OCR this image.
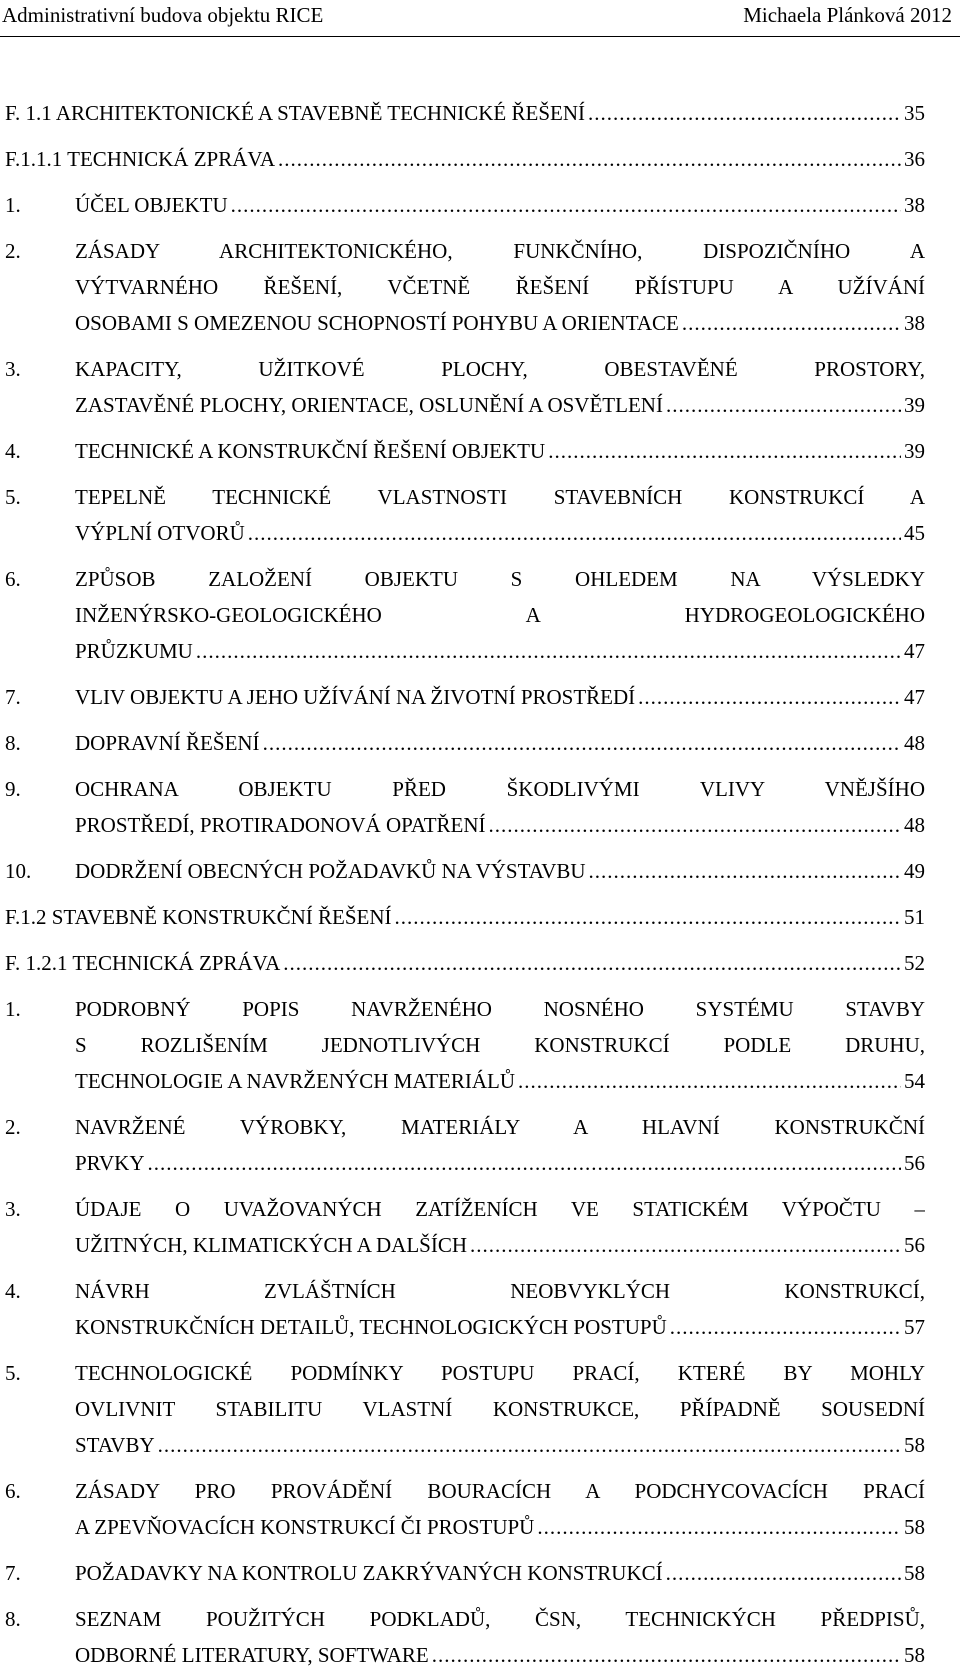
Administrativní budova objektu RICE	Michaela Plánková 2012
F. 1.1 ARCHITEKTONICKÉ A STAVEBNĚ TECHNICKÉ ŘEŠENÍ .....	35
F.1.1.1 TECHNICKÁ ZPRÁVA .....	36
1.	ÚČEL OBJEKTU .....	38
2.	ZÁSADY ARCHITEKTONICKÉHO, FUNKČNÍHO, DISPOZIČNÍHO A
VÝTVARNÉHO ŘEŠENÍ, VČETNĚ ŘEŠENÍ PŘÍSTUPU A UŽÍVÁNÍ
OSOBAMI S OMEZENOU SCHOPNOSTÍ POHYBU A ORIENTACE .....	38
3.	KAPACITY, UŽITKOVÉ PLOCHY, OBESTAVĚNÉ PROSTORY,
ZASTAVĚNÉ PLOCHY, ORIENTACE, OSLUNĚNÍ A OSVĚTLENÍ .....	39
4.	TECHNICKÉ A KONSTRUKČNÍ ŘEŠENÍ OBJEKTU .....	39
5.	TEPELNĚ TECHNICKÉ VLASTNOSTI STAVEBNÍCH KONSTRUKCÍ A
VÝPLNÍ OTVORŮ .....	45
6.	ZPŮSOB ZALOŽENÍ OBJEKTU S OHLEDEM NA VÝSLEDKY
INŽENÝRSKO-GEOLOGICKÉHO A HYDROGEOLOGICKÉHO
PRŮZKUMU .....	47
7.	VLIV OBJEKTU A JEHO UŽÍVÁNÍ NA ŽIVOTNÍ PROSTŘEDÍ .....	47
8.	DOPRAVNÍ ŘEŠENÍ .....	48
9.	OCHRANA OBJEKTU PŘED ŠKODLIVÝMI VLIVY VNĚJŠÍHO
PROSTŘEDÍ, PROTIRADONOVÁ OPATŘENÍ .....	48
10. DODRŽENÍ OBECNÝCH POŽADAVKŮ NA VÝSTAVBU .....	49
F.1.2 STAVEBNĚ KONSTRUKČNÍ ŘEŠENÍ .....	51
F. 1.2.1 TECHNICKÁ ZPRÁVA .....	52
1.	PODROBNÝ POPIS NAVRŽENÉHO NOSNÉHO SYSTÉMU STAVBY
S ROZLIŠENÍM JEDNOTLIVÝCH KONSTRUKCÍ PODLE DRUHU,
TECHNOLOGIE A NAVRŽENÝCH MATERIÁLŮ .....	54
2.	NAVRŽENÉ VÝROBKY, MATERIÁLY A HLAVNÍ KONSTRUKČNÍ
PRVKY .....	56
3.	ÚDAJE O UVAŽOVANÝCH ZATÍŽENÍCH VE STATICKÉM VÝPOČTU –
UŽITNÝCH, KLIMATICKÝCH A DALŠÍCH .....	56
4.	NÁVRH ZVLÁŠTNÍCH NEOBVYKLÝCH KONSTRUKCÍ,
KONSTRUKČNÍCH DETAILŮ, TECHNOLOGICKÝCH POSTUPŮ .....	57
5.	TECHNOLOGICKÉ PODMÍNKY POSTUPU PRACÍ, KTERÉ BY MOHLY
OVLIVNIT STABILITU VLASTNÍ KONSTRUKCE, PŘÍPADNĚ SOUSEDNÍ
STAVBY .....	58
6.	ZÁSADY PRO PROVÁDĚNÍ BOURACÍCH A PODCHYCOVACÍCH PRACÍ
A ZPEVŇOVACÍCH KONSTRUKCÍ ČI PROSTUPŮ .....	58
7.	POŽADAVKY NA KONTROLU ZAKRÝVANÝCH KONSTRUKCÍ .....	58
8.	SEZNAM POUŽITÝCH PODKLADŮ, ČSN, TECHNICKÝCH PŘEDPISŮ,
ODBORNÉ LITERATURY, SOFTWARE .....	58
